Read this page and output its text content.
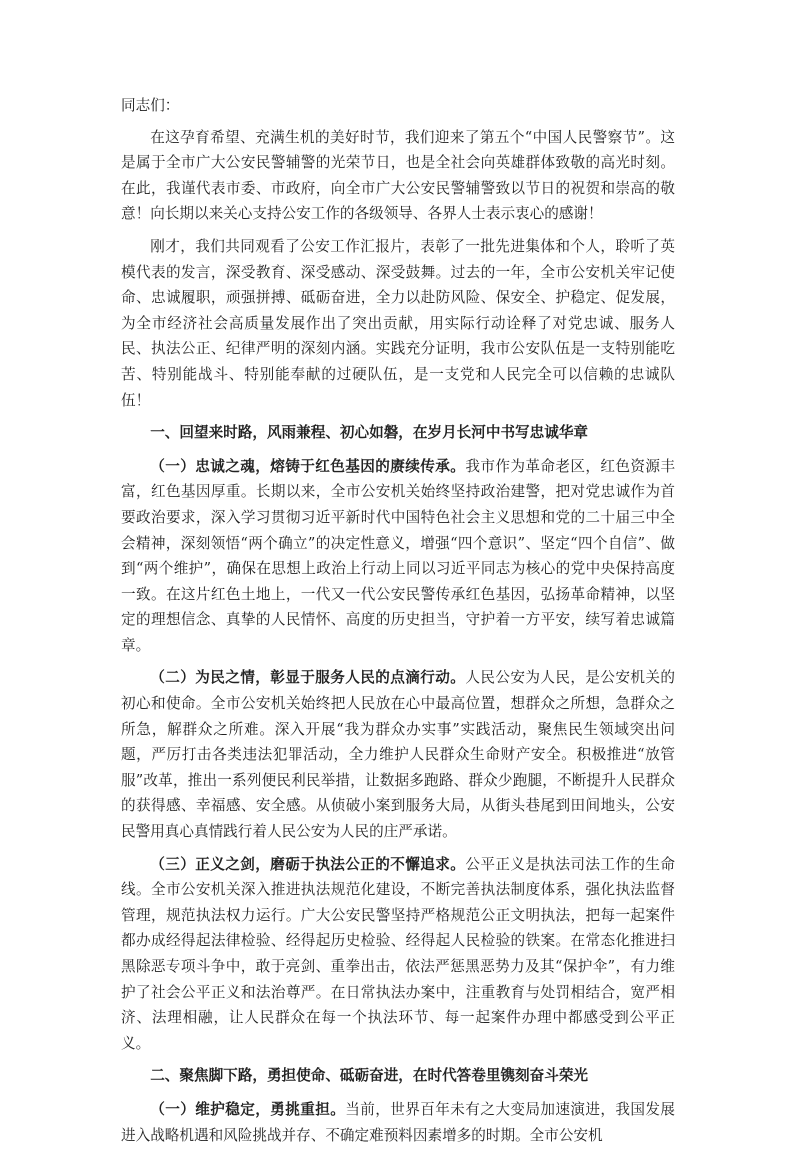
同志们：

在这孕育希望、充满生机的美好时节，我们迎来了第五个“中国人民警察节”。这是属于全市广大公安民警辅警的光荣节日，也是全社会向英雄群体致敬的高光时刻。在此，我谨代表市委、市政府，向全市广大公安民警辅警致以节日的祝贺和崇高的敬意！向长期以来关心支持公安工作的各级领导、各界人士表示衷心的感谢！

刚才，我们共同观看了公安工作汇报片，表彰了一批先进集体和个人，聆听了英模代表的发言，深受教育、深受感动、深受鼓舞。过去的一年，全市公安机关牢记使命、忠诚履职，顽强拼搏、砥砺奋进，全力以赴防风险、保安全、护稳定、促发展，为全市经济社会高质量发展作出了突出贡献，用实际行动诠释了对党忠诚、服务人民、执法公正、纪律严明的深刻内涵。实践充分证明，我市公安队伍是一支特别能吃苦、特别能战斗、特别能奉献的过硬队伍，是一支党和人民完全可以信赖的忠诚队伍！

一、回望来时路，风雨兼程、初心如磐，在岁月长河中书写忠诚华章

（一）忠诚之魂，熔铸于红色基因的赓续传承。我市作为革命老区，红色资源丰富，红色基因厚重。长期以来，全市公安机关始终坚持政治建警，把对党忠诚作为首要政治要求，深入学习贯彻习近平新时代中国特色社会主义思想和党的二十届三中全会精神，深刻领悟“两个确立”的决定性意义，增强“四个意识”、坚定“四个自信”、做到“两个维护”，确保在思想上政治上行动上同以习近平同志为核心的党中央保持高度一致。在这片红色土地上，一代又一代公安民警传承红色基因，弘扬革命精神，以坚定的理想信念、真挚的人民情怀、高度的历史担当，守护着一方平安，续写着忠诚篇章。

（二）为民之情，彰显于服务人民的点滴行动。人民公安为人民，是公安机关的初心和使命。全市公安机关始终把人民放在心中最高位置，想群众之所想，急群众之所急，解群众之所难。深入开展“我为群众办实事”实践活动，聚焦民生领域突出问题，严厉打击各类违法犯罪活动，全力维护人民群众生命财产安全。积极推进“放管服”改革，推出一系列便民利民举措，让数据多跑路、群众少跑腿，不断提升人民群众的获得感、幸福感、安全感。从侦破小案到服务大局，从街头巷尾到田间地头，公安民警用真心真情践行着人民公安为人民的庄严承诺。

（三）正义之剑，磨砺于执法公正的不懈追求。公平正义是执法司法工作的生命线。全市公安机关深入推进执法规范化建设，不断完善执法制度体系，强化执法监督管理，规范执法权力运行。广大公安民警坚持严格规范公正文明执法，把每一起案件都办成经得起法律检验、经得起历史检验、经得起人民检验的铁案。在常态化推进扫黑除恶专项斗争中，敢于亮剑、重拳出击，依法严惩黑恶势力及其“保护伞”，有力维护了社会公平正义和法治尊严。在日常执法办案中，注重教育与处罚相结合，宽严相济、法理相融，让人民群众在每一个执法环节、每一起案件办理中都感受到公平正义。

二、聚焦脚下路，勇担使命、砥砺奋进，在时代答卷里镌刻奋斗荣光

（一）维护稳定，勇挑重担。当前，世界百年未有之大变局加速演进，我国发展进入战略机遇和风险挑战并存、不确定难预料因素增多的时期。全市公安机
